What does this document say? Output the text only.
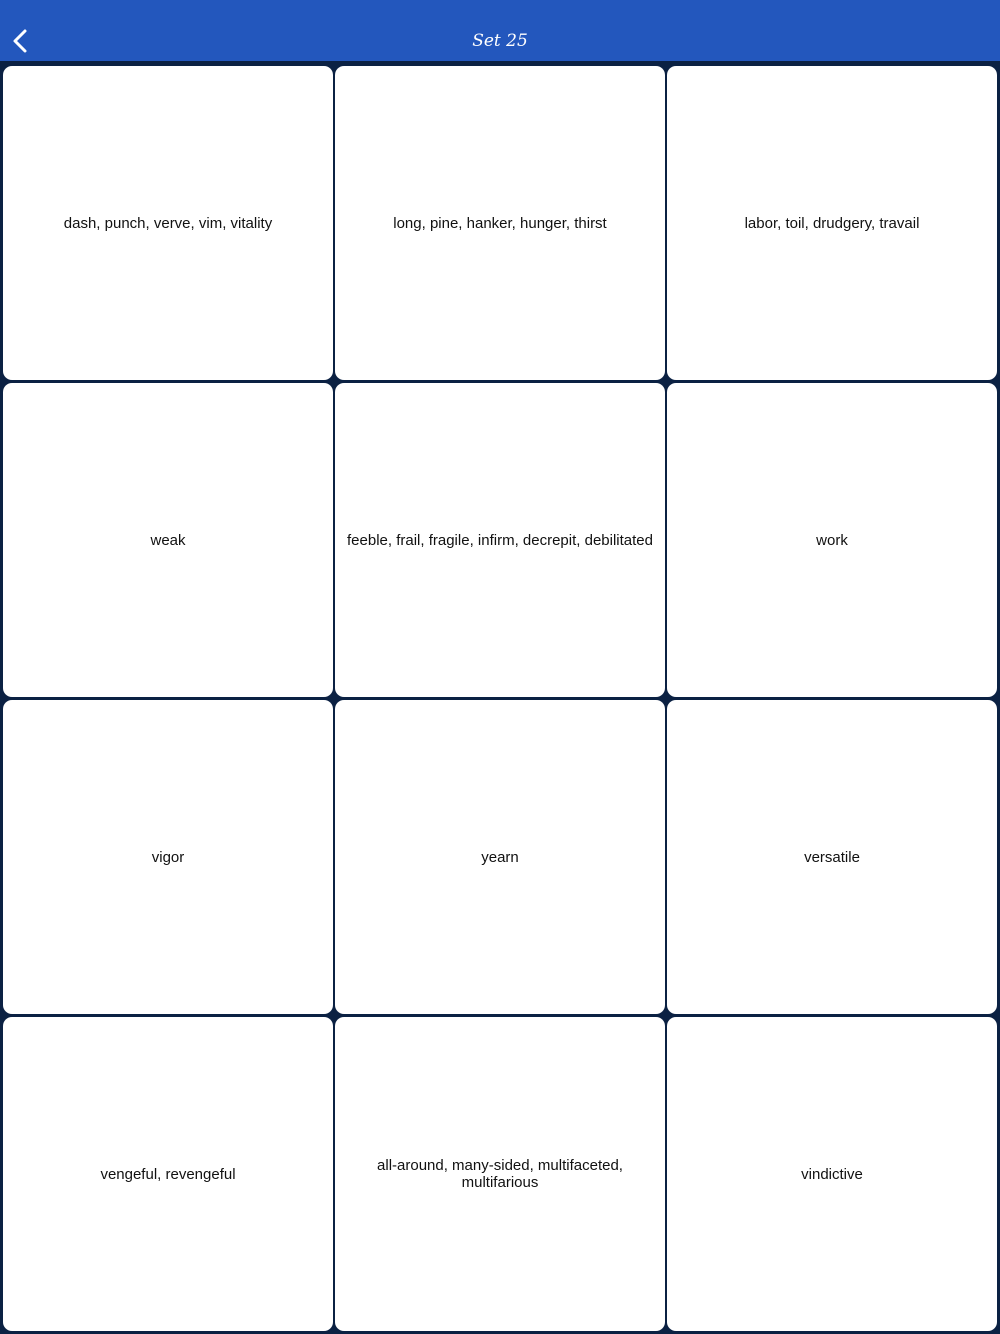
Set 25
dash, punch, verve, vim, vitality	long, pine, hanker, hunger, thirst	labor, toil, drudgery, travail
weak	feeble, frail, fragile, infirm, decrepit, debilitated	work
vigor	yearn	versatile
vengeful, revengeful	all-around, many-sided, multifaceted, multifarious	vindictive
